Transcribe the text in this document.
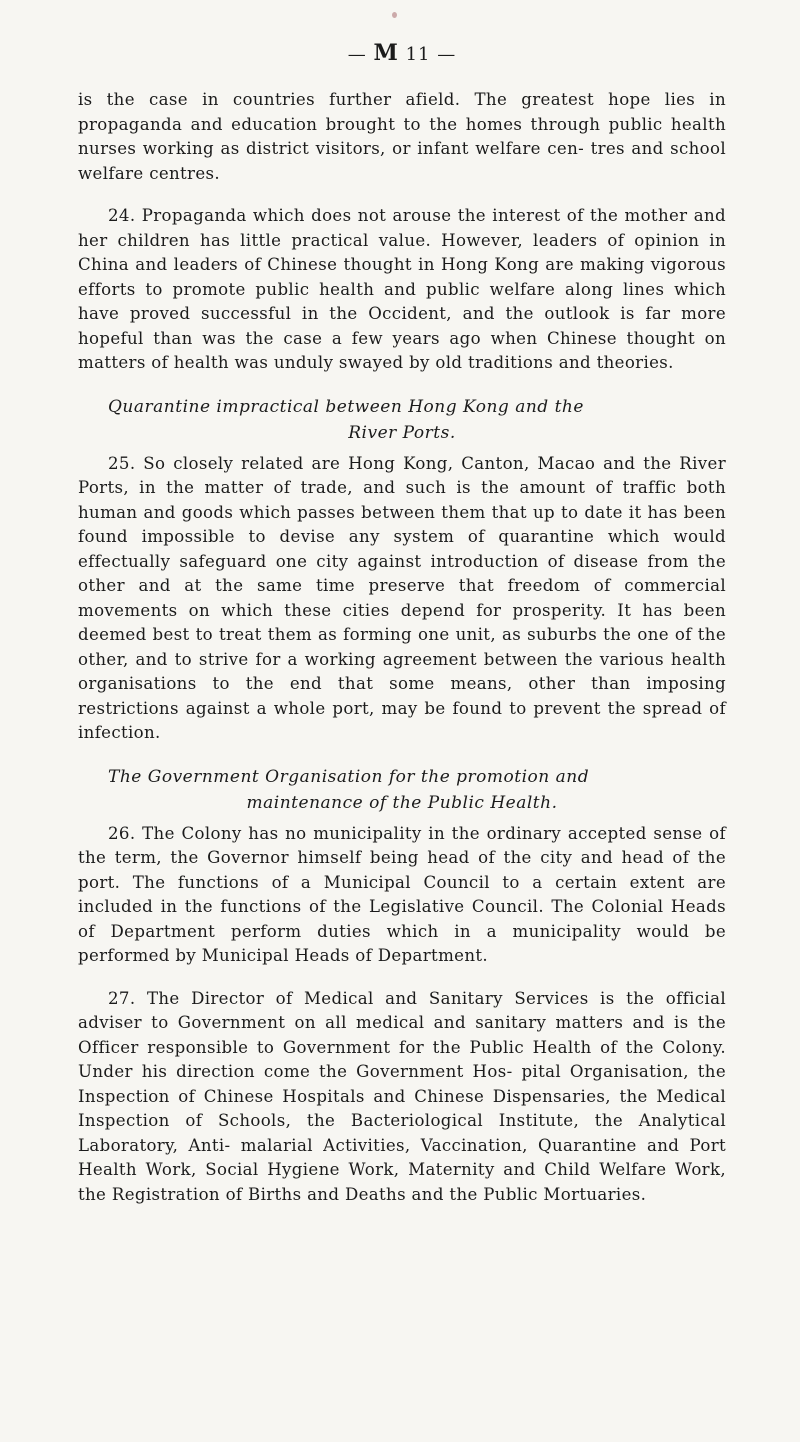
— M 11 —

is the case in countries further afield. The greatest hope lies in propaganda and education brought to the homes through public health nurses working as district visitors, or infant welfare cen- tres and school welfare centres.

24. Propaganda which does not arouse the interest of the mother and her children has little practical value. However, leaders of opinion in China and leaders of Chinese thought in Hong Kong are making vigorous efforts to promote public health and public welfare along lines which have proved successful in the Occident, and the outlook is far more hopeful than was the case a few years ago when Chinese thought on matters of health was unduly swayed by old traditions and theories.

Quarantine impractical between Hong Kong and the
River Ports.

25. So closely related are Hong Kong, Canton, Macao and the River Ports, in the matter of trade, and such is the amount of traffic both human and goods which passes between them that up to date it has been found impossible to devise any system of quarantine which would effectually safeguard one city against introduction of disease from the other and at the same time preserve that freedom of commercial movements on which these cities depend for prosperity. It has been deemed best to treat them as forming one unit, as suburbs the one of the other, and to strive for a working agreement between the various health organisations to the end that some means, other than imposing restrictions against a whole port, may be found to prevent the spread of infection.

The Government Organisation for the promotion and
maintenance of the Public Health.

26. The Colony has no municipality in the ordinary accepted sense of the term, the Governor himself being head of the city and head of the port. The functions of a Municipal Council to a certain extent are included in the functions of the Legislative Council. The Colonial Heads of Department perform duties which in a municipality would be performed by Municipal Heads of Department.

27. The Director of Medical and Sanitary Services is the official adviser to Government on all medical and sanitary matters and is the Officer responsible to Government for the Public Health of the Colony. Under his direction come the Government Hos- pital Organisation, the Inspection of Chinese Hospitals and Chinese Dispensaries, the Medical Inspection of Schools, the Bacteriological Institute, the Analytical Laboratory, Anti- malarial Activities, Vaccination, Quarantine and Port Health Work, Social Hygiene Work, Maternity and Child Welfare Work, the Registration of Births and Deaths and the Public Mortuaries.
